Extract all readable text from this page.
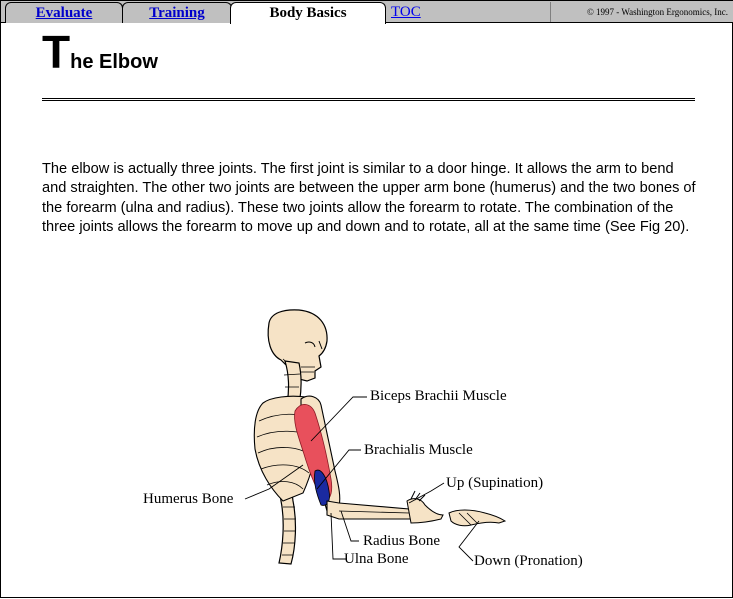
Evaluate	Training	Body Basics	TOC	© 1997 - Washington Ergonomics, Inc.
The Elbow
The elbow is actually three joints. The first joint is similar to a door hinge. It allows the arm to bend and straighten. The other two joints are between the upper arm bone (humerus) and the two bones of the forearm (ulna and radius). These two joints allow the forearm to rotate. The combination of the three joints allows the forearm to move up and down and to rotate, all at the same time (See Fig 20).
Biceps Brachii Muscle
Brachialis Muscle
Humerus Bone
Up (Supination)
Radius Bone
Ulna Bone	Down (Pronation)
